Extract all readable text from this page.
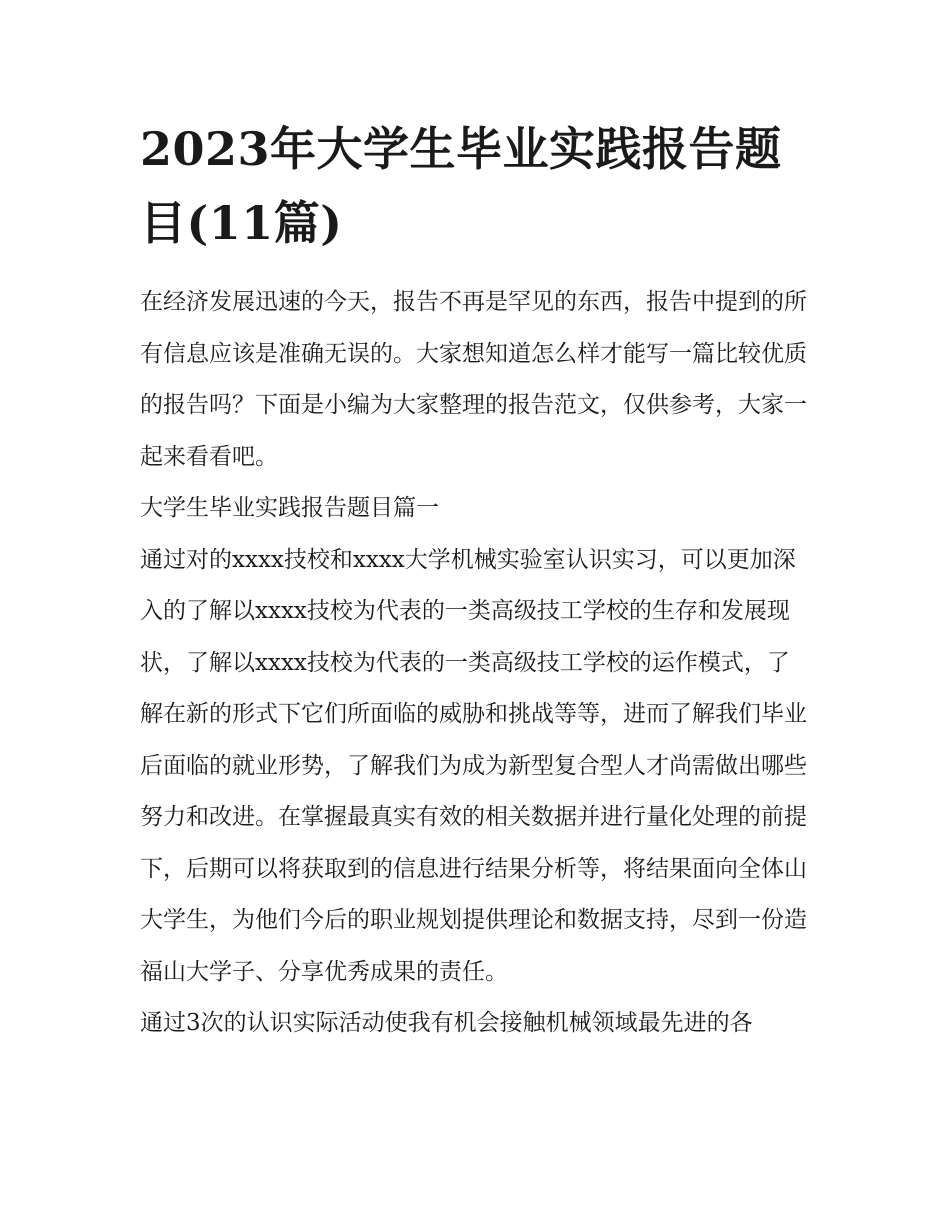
2023年大学生毕业实践报告题目(11篇)

在经济发展迅速的今天，报告不再是罕见的东西，报告中提到的所有信息应该是准确无误的。大家想知道怎么样才能写一篇比较优质的报告吗？下面是小编为大家整理的报告范文，仅供参考，大家一起来看看吧。

大学生毕业实践报告题目篇一

通过对的xxxx技校和xxxx大学机械实验室认识实习，可以更加深入的了解以xxxx技校为代表的一类高级技工学校的生存和发展现状，了解以xxxx技校为代表的一类高级技工学校的运作模式，了解在新的形式下它们所面临的威胁和挑战等等，进而了解我们毕业后面临的就业形势，了解我们为成为新型复合型人才尚需做出哪些努力和改进。在掌握最真实有效的相关数据并进行量化处理的前提下，后期可以将获取到的信息进行结果分析等，将结果面向全体山大学生，为他们今后的职业规划提供理论和数据支持，尽到一份造福山大学子、分享优秀成果的责任。

通过3次的认识实际活动使我有机会接触机械领域最先进的各
